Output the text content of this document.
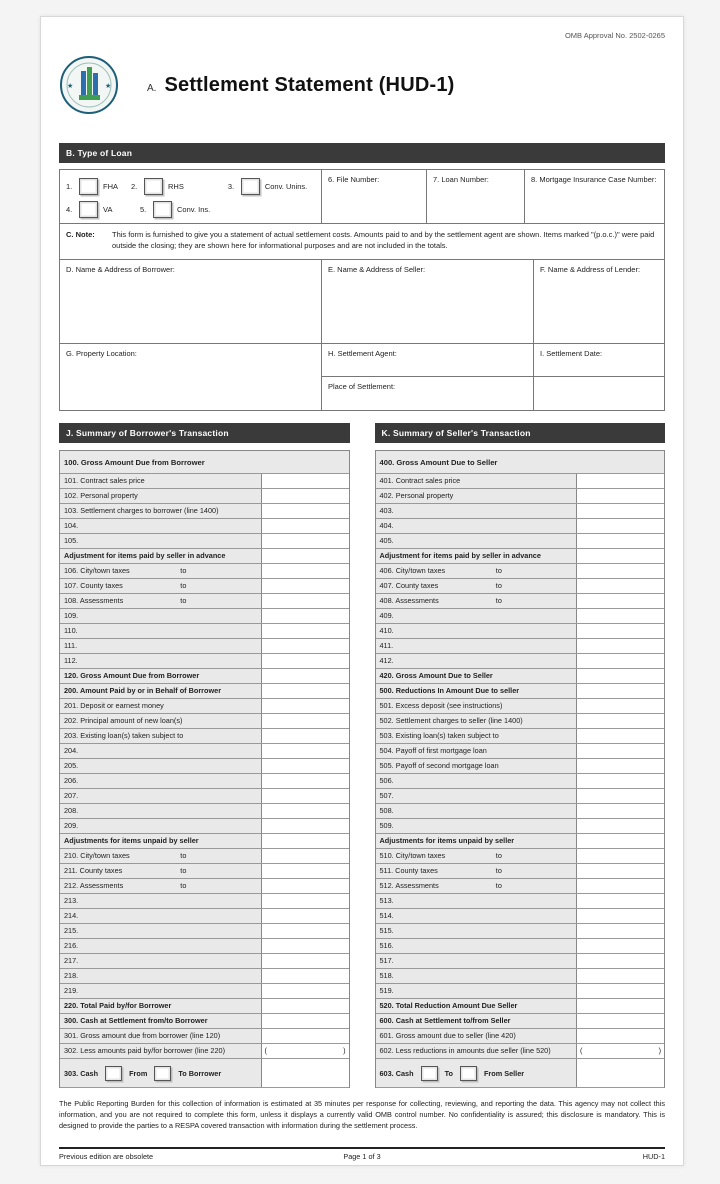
OMB Approval No. 2502-0265
★	★	A. Settlement Statement (HUD-1)
B. Type of Loan
1.	FHA 2.	RHS	3.	Conv. Unins.
4.	VA	5.	Conv. Ins.
6. File Number:	7. Loan Number:	8. Mortgage Insurance Case Number:
C. Note:	This form is furnished to give you a statement of actual settlement costs. Amounts paid to and by the settlement agent are shown. Items marked "(p.o.c.)" were paid outside the closing; they are shown here for informational purposes and are not included in the totals.
D. Name & Address of Borrower:	E. Name & Address of Seller:	F. Name & Address of Lender:
G. Property Location:	H. Settlement Agent:	I. Settlement Date:
Place of Settlement:
J. Summary of Borrower's Transaction
100. Gross Amount Due from Borrower
101. Contract sales price
102. Personal property
103. Settlement charges to borrower (line 1400)
104.
105.
Adjustment for items paid by seller in advance
106. City/town taxes	to
107. County taxes	to
108. Assessments	to
109.
110.
111.
112.
120. Gross Amount Due from Borrower
200. Amount Paid by or in Behalf of Borrower
201. Deposit or earnest money
202. Principal amount of new loan(s)
203. Existing loan(s) taken subject to
204.
205.
206.
207.
208.
209.
Adjustments for items unpaid by seller
210. City/town taxes	to
211. County taxes	to
212. Assessments	to
213.
214.
215.
216.
217.
218.
219.
220. Total Paid by/for Borrower
300. Cash at Settlement from/to Borrower
301. Gross amount due from borrower (line 120)
302. Less amounts paid by/for borrower (line 220)	(	)
303. Cash	From	To Borrower
K. Summary of Seller's Transaction
400. Gross Amount Due to Seller
401. Contract sales price
402. Personal property
403.
404.
405.
Adjustment for items paid by seller in advance
406. City/town taxes	to
407. County taxes	to
408. Assessments	to
409.
410.
411.
412.
420. Gross Amount Due to Seller
500. Reductions In Amount Due to seller
501. Excess deposit (see instructions)
502. Settlement charges to seller (line 1400)
503. Existing loan(s) taken subject to
504. Payoff of first mortgage loan
505. Payoff of second mortgage loan
506.
507.
508.
509.
Adjustments for items unpaid by seller
510. City/town taxes	to
511. County taxes	to
512. Assessments	to
513.
514.
515.
516.
517.
518.
519.
520. Total Reduction Amount Due Seller
600. Cash at Settlement to/from Seller
601. Gross amount due to seller (line 420)
602. Less reductions in amounts due seller (line 520)	(	)
603. Cash	To	From Seller
The Public Reporting Burden for this collection of information is estimated at 35 minutes per response for collecting, reviewing, and reporting the data. This agency may not collect this information, and you are not required to complete this form, unless it displays a currently valid OMB control number. No confidentiality is assured; this disclosure is mandatory. This is designed to provide the parties to a RESPA covered transaction with information during the settlement process.
Previous edition are obsolete	Page 1 of 3	HUD-1
